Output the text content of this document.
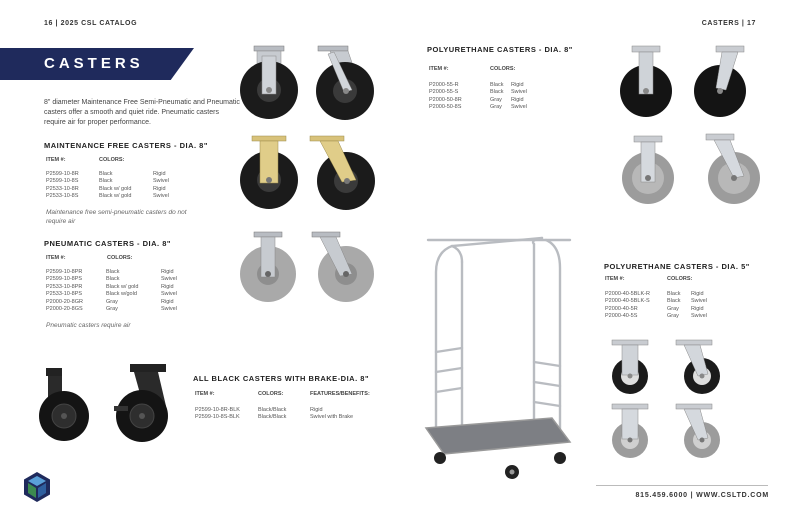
16 | 2025 CSL CATALOG	CASTERS | 17
CASTERS
8" diameter Maintenance Free Semi-Pneumatic and Pneumatic casters offer a smooth and quiet ride. Pneumatic casters require air for proper performance.
MAINTENANCE FREE CASTERS - DIA. 8"
ITEM #:	COLORS:
P2599-10-8R	Black	Rigid
P2599-10-8S	Black	Swivel
P2533-10-8R	Black w/ gold	Rigid
P2533-10-8S	Black w/ gold	Swivel
Maintenance free semi-pneumatic casters do not require air
PNEUMATIC CASTERS - DIA. 8"
ITEM #:	COLORS:
P2599-10-8PR	Black	Rigid
P2599-10-8PS	Black	Swivel
P2533-10-8PR	Black w/ gold	Rigid
P2533-10-8PS	Black w/gold	Swivel
P2000-20-8GR	Gray	Rigid
P2000-20-8GS	Gray	Swivel
Pneumatic casters require air
ALL BLACK CASTERS WITH BRAKE-DIA. 8"
ITEM #:	COLORS:	FEATURES/BENEFITS:
P2599-10-8R-BLK	Black/Black	Rigid
P2599-10-8S-BLK	Black/Black	Swivel with Brake
POLYURETHANE CASTERS - DIA. 8"
ITEM #:	COLORS:
P2000-55-R	Black Rigid
P2000-55-S	Black Swivel
P2000-50-8R	Gray Rigid
P2000-50-8S	Gray Swivel
POLYURETHANE CASTERS - DIA. 5"
ITEM #:	COLORS:
P2000-40-5BLK-R	Black Rigid
P2000-40-5BLK-S	Black Swivel
P2000-40-5R	Gray Rigid
P2000-40-5S	Gray Swivel
815.459.6000 | WWW.CSLTD.COM
